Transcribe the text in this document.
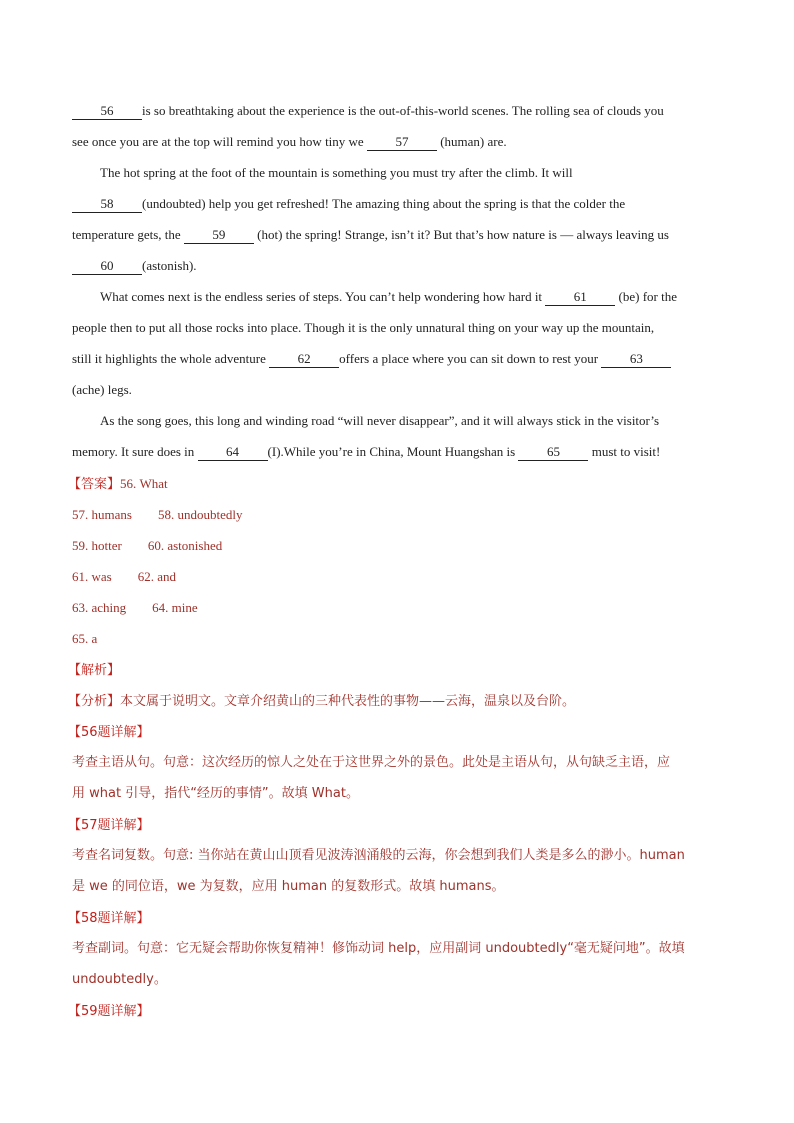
56 is so breathtaking about the experience is the out-of-this-world scenes. The rolling sea of clouds you
see once you are at the top will remind you how tiny we 57 (human) are.
The hot spring at the foot of the mountain is something you must try after the climb. It will
58 (undoubted) help you get refreshed! The amazing thing about the spring is that the colder the
temperature gets, the 59 (hot) the spring! Strange, isn’t it? But that’s how nature is — always leaving us
60 (astonish).
What comes next is the endless series of steps. You can’t help wondering how hard it 61 (be) for the
people then to put all those rocks into place. Though it is the only unnatural thing on your way up the mountain,
still it highlights the whole adventure 62 offers a place where you can sit down to rest your 63
(ache) legs.
As the song goes, this long and winding road “will never disappear”, and it will always stick in the visitor’s
memory. It sure does in 64 (I).While you’re in China, Mount Huangshan is 65 must to visit!
【答案】56. What
57. humans 58. undoubtedly
59. hotter 60. astonished
61. was 62. and
63. aching 64. mine
65. a
【解析】
【分析】本文属于说明文。文章介绍黄山的三种代表性的事物——云海，温泉以及台阶。
【56题详解】
考查主语从句。句意：这次经历的惊人之处在于这世界之外的景色。此处是主语从句，从句缺乏主语，应
用 what 引导，指代“经历的事情”。故填 What。
【57题详解】
考查名词复数。句意: 当你站在黄山山顶看见波涛汹涌般的云海，你会想到我们人类是多么的渺小。human
是 we 的同位语，we 为复数，应用 human 的复数形式。故填 humans。
【58题详解】
考查副词。句意：它无疑会帮助你恢复精神！修饰动词 help，应用副词 undoubtedly“毫无疑问地”。故填
undoubtedly。
【59题详解】
